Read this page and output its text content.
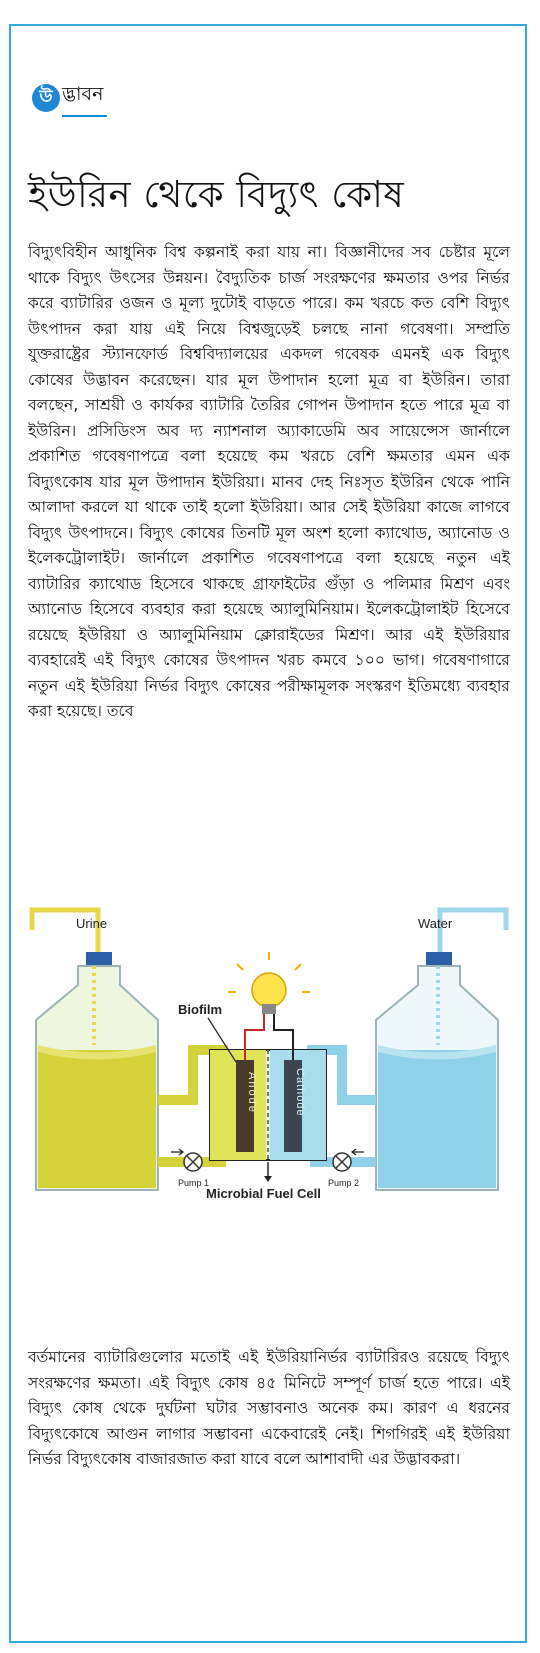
উ দ্ভাবন
ইউরিন থেকে বিদ্যুৎ কোষ

বিদ্যুৎবিহীন আধুনিক বিশ্ব কল্পনাই করা যায় না। বিজ্ঞানীদের সব চেষ্টার মূলে থাকে বিদ্যুৎ উৎসের উন্নয়ন। বৈদ্যুতিক চার্জ সংরক্ষণের ক্ষমতার ওপর নির্ভর করে ব্যাটারির ওজন ও মূল্য দুটোই বাড়তে পারে। কম খরচে কত বেশি বিদ্যুৎ উৎপাদন করা যায় এই নিয়ে বিশ্বজুড়েই চলছে নানা গবেষণা। সম্প্রতি যুক্তরাষ্ট্রের স্ট্যানফোর্ড বিশ্ববিদ্যালয়ের একদল গবেষক এমনই এক বিদ্যুৎ কোষের উদ্ভাবন করেছেন। যার মূল উপাদান হলো মূত্র বা ইউরিন। তারা বলছেন, সাশ্রয়ী ও কার্যকর ব্যাটারি তৈরির গোপন উপাদান হতে পারে মূত্র বা ইউরিন। প্রসিডিংস অব দ্য ন্যাশনাল অ্যাকাডেমি অব সায়েন্সেস জার্নালে প্রকাশিত গবেষণাপত্রে বলা হয়েছে কম খরচে বেশি ক্ষমতার এমন এক বিদ্যুৎকোষ যার মূল উপাদান ইউরিয়া। মানব দেহ নিঃসৃত ইউরিন থেকে পানি আলাদা করলে যা থাকে তাই হলো ইউরিয়া। আর সেই ইউরিয়া কাজে লাগবে বিদ্যুৎ উৎপাদনে। বিদ্যুৎ কোষের তিনটি মূল অংশ হলো ক্যাথোড, অ্যানোড ও ইলেকট্রোলাইট। জার্নালে প্রকাশিত গবেষণাপত্রে বলা হয়েছে নতুন এই ব্যাটারির ক্যাথোড হিসেবে থাকছে গ্রাফাইটের গুঁড়া ও পলিমার মিশ্রণ এবং অ্যানোড হিসেবে ব্যবহার করা হয়েছে অ্যালুমিনিয়াম। ইলেকট্রোলাইট হিসেবে রয়েছে ইউরিয়া ও অ্যালুমিনিয়াম ক্লোরাইডের মিশ্রণ। আর এই ইউরিয়ার ব্যবহারেই এই বিদ্যুৎ কোষের উৎপাদন খরচ কমবে ১০০ ভাগ। গবেষণাগারে নতুন এই ইউরিয়া নির্ভর বিদ্যুৎ কোষের পরীক্ষামূলক সংস্করণ ইতিমধ্যে ব্যবহার করা হয়েছে। তবে

Urine	Water
Biofilm
Anode	Cathode
Pump 1	Pump 2
Microbial Fuel Cell

বর্তমানের ব্যাটারিগুলোর মতোই এই ইউরিয়ানির্ভর ব্যাটারিরও রয়েছে বিদ্যুৎ সংরক্ষণের ক্ষমতা। এই বিদ্যুৎ কোষ ৪৫ মিনিটে সম্পূর্ণ চার্জ হতে পারে। এই বিদ্যুৎ কোষ থেকে দুর্ঘটনা ঘটার সম্ভাবনাও অনেক কম। কারণ এ ধরনের বিদ্যুৎকোষে আগুন লাগার সম্ভাবনা একেবারেই নেই। শিগগিরই এই ইউরিয়া নির্ভর বিদ্যুৎকোষ বাজারজাত করা যাবে বলে আশাবাদী এর উদ্ভাবকরা।
